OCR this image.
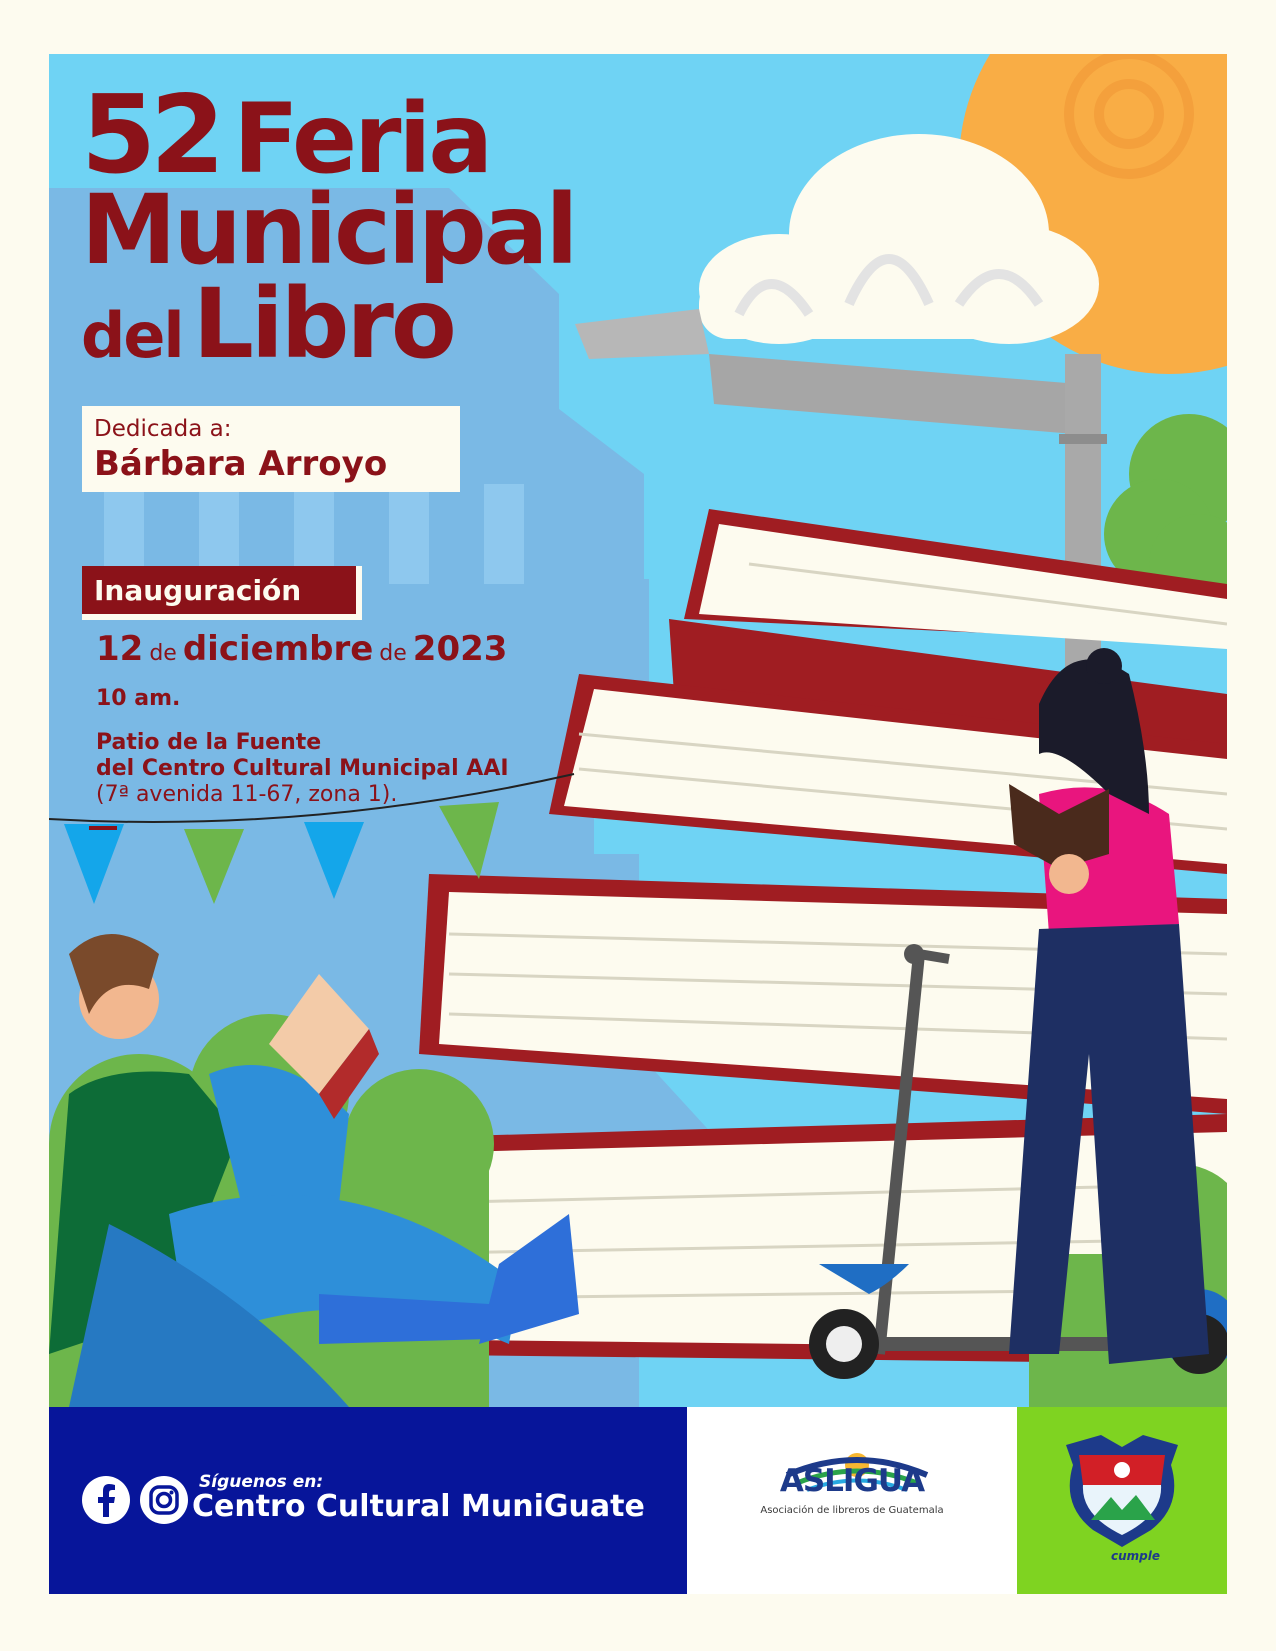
52 Feria
Municipal
del Libro
Dedicada a:
Bárbara Arroyo
Inauguración
12 de diciembre de 2023
10 am.
Patio de la Fuente
del Centro Cultural Municipal AAI
(7ª avenida 11-67, zona 1).
Síguenos en:
Centro Cultural MuniGuate
ASLIGUA
Asociación de libreros de Guatemala
cumple
